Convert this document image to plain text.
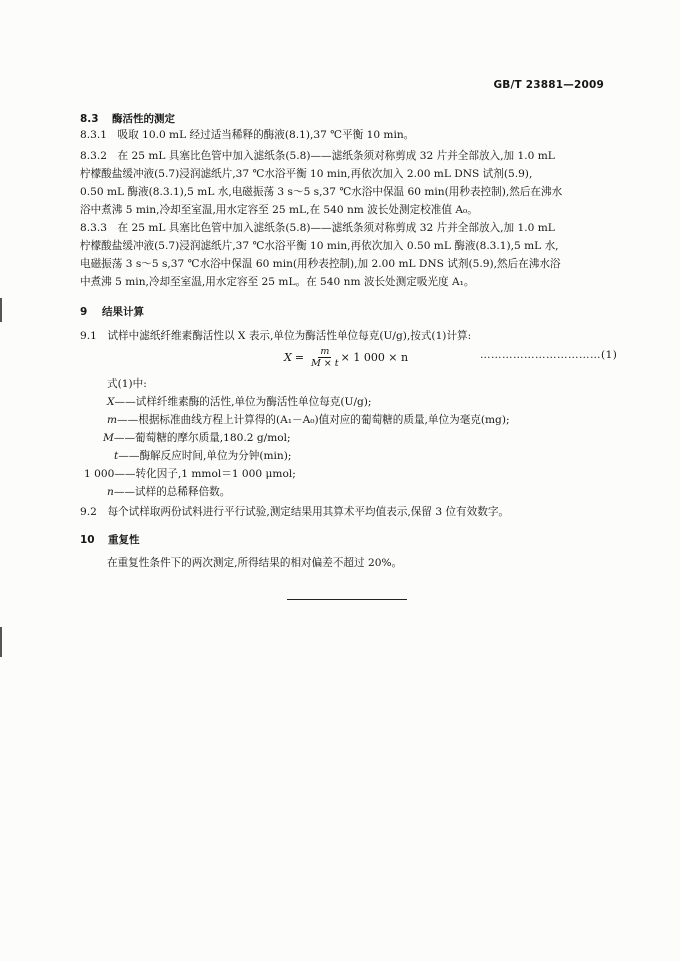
GB/T 23881—2009
8.3 酶活性的测定
8.3.1　吸取 10.0 mL 经过适当稀释的酶液(8.1),37 ℃平衡 10 min。
8.3.2　在 25 mL 具塞比色管中加入滤纸条(5.8)——滤纸条须对称剪成 32 片并全部放入,加 1.0 mL
柠檬酸盐缓冲液(5.7)浸润滤纸片,37 ℃水浴平衡 10 min,再依次加入 2.00 mL DNS 试剂(5.9),
0.50 mL 酶液(8.3.1),5 mL 水,电磁振荡 3 s～5 s,37 ℃水浴中保温 60 min(用秒表控制),然后在沸水
浴中煮沸 5 min,冷却至室温,用水定容至 25 mL,在 540 nm 波长处测定校准值 A₀。
8.3.3　在 25 mL 具塞比色管中加入滤纸条(5.8)——滤纸条须对称剪成 32 片并全部放入,加 1.0 mL
柠檬酸盐缓冲液(5.7)浸润滤纸片,37 ℃水浴平衡 10 min,再依次加入 0.50 mL 酶液(8.3.1),5 mL 水,
电磁振荡 3 s～5 s,37 ℃水浴中保温 60 min(用秒表控制),加 2.00 mL DNS 试剂(5.9),然后在沸水浴
中煮沸 5 min,冷却至室温,用水定容至 25 mL。在 540 nm 波长处测定吸光度 A₁。
9 结果计算
9.1　试样中滤纸纤维素酶活性以 X 表示,单位为酶活性单位每克(U/g),按式(1)计算:
$X = \frac{m}{M \times t} \times 1$ 000 × n	……………………………(1)
式(1)中:
X——试样纤维素酶的活性,单位为酶活性单位每克(U/g);
m——根据标准曲线方程上计算得的(A₁－A₀)值对应的葡萄糖的质量,单位为毫克(mg);
M——葡萄糖的摩尔质量,180.2 g/mol;
t——酶解反应时间,单位为分钟(min);
1 000——转化因子,1 mmol＝1 000 μmol;
n——试样的总稀释倍数。
9.2　每个试样取两份试料进行平行试验,测定结果用其算术平均值表示,保留 3 位有效数字。
10 重复性
在重复性条件下的两次测定,所得结果的相对偏差不超过 20%。
